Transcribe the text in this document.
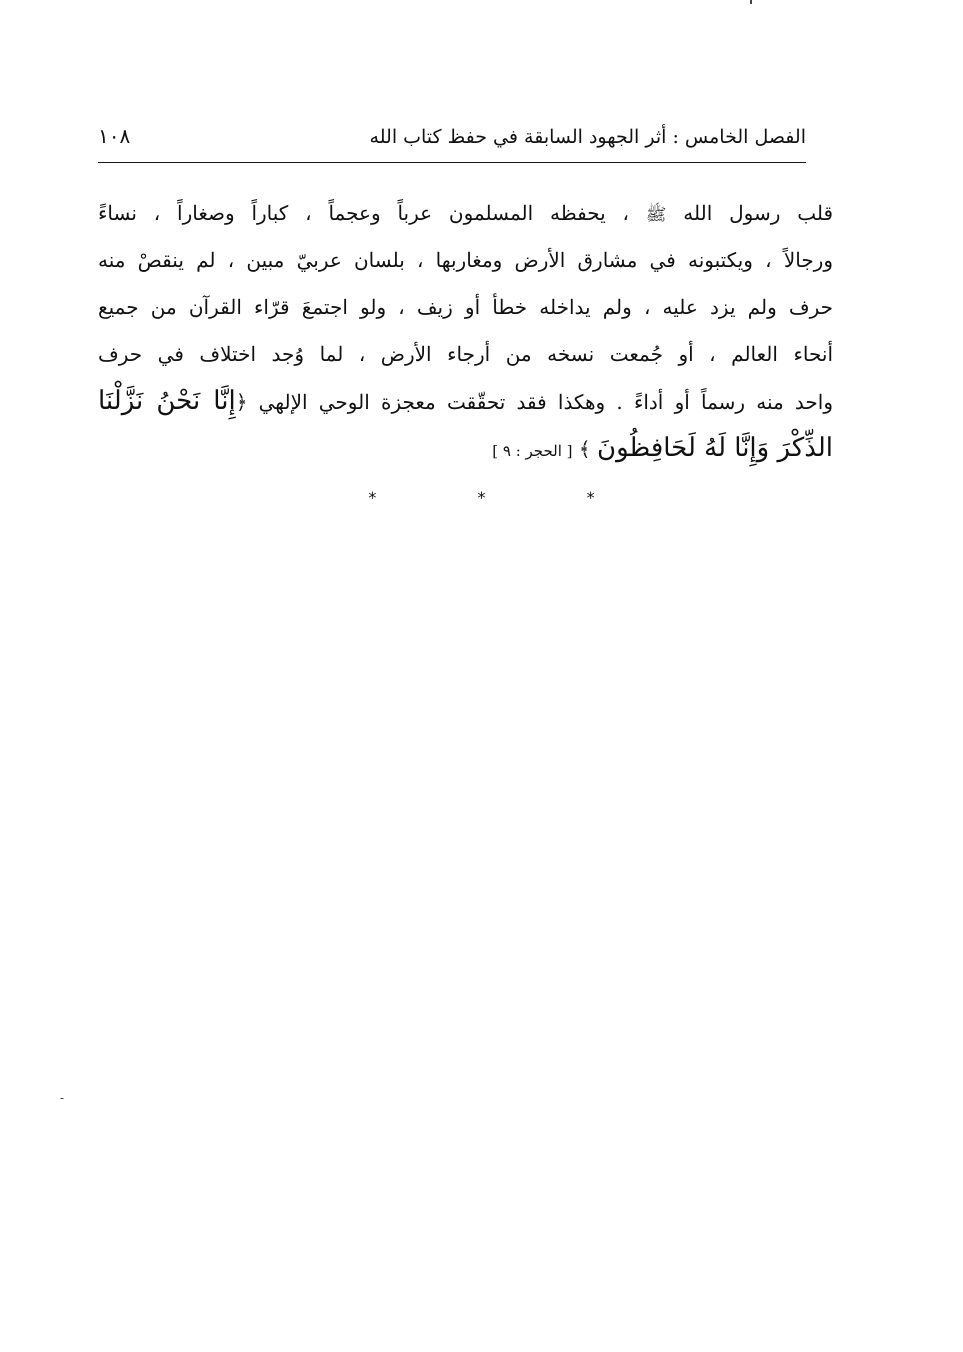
الفصل الخامس : أثر الجهود السابقة في حفظ كتاب الله
١٠٨
قلب رسول الله ﷺ ، يحفظه المسلمون عرباً وعجماً ، كباراً وصغاراً ، نساءً
ورجالاً ، ويكتبونه في مشارق الأرض ومغاربها ، بلسان عربيّ مبين ، لم ينقصْ منه
حرف ولم يزد عليه ، ولم يداخله خطأ أو زيف ، ولو اجتمعَ قرّاء القرآن من جميع
أنحاء العالم ، أو جُمعت نسخه من أرجاء الأرض ، لما وُجد اختلاف في حرف
واحد منه رسماً أو أداءً . وهكذا فقد تحقّقت معجزة الوحي الإلهي ﴿إِنَّا نَحْنُ نَزَّلْنَا
الذِّكْرَ وَإِنَّا لَهُ لَحَافِظُونَ ﴾ [ الحجر : ٩ ]
* * *
-
